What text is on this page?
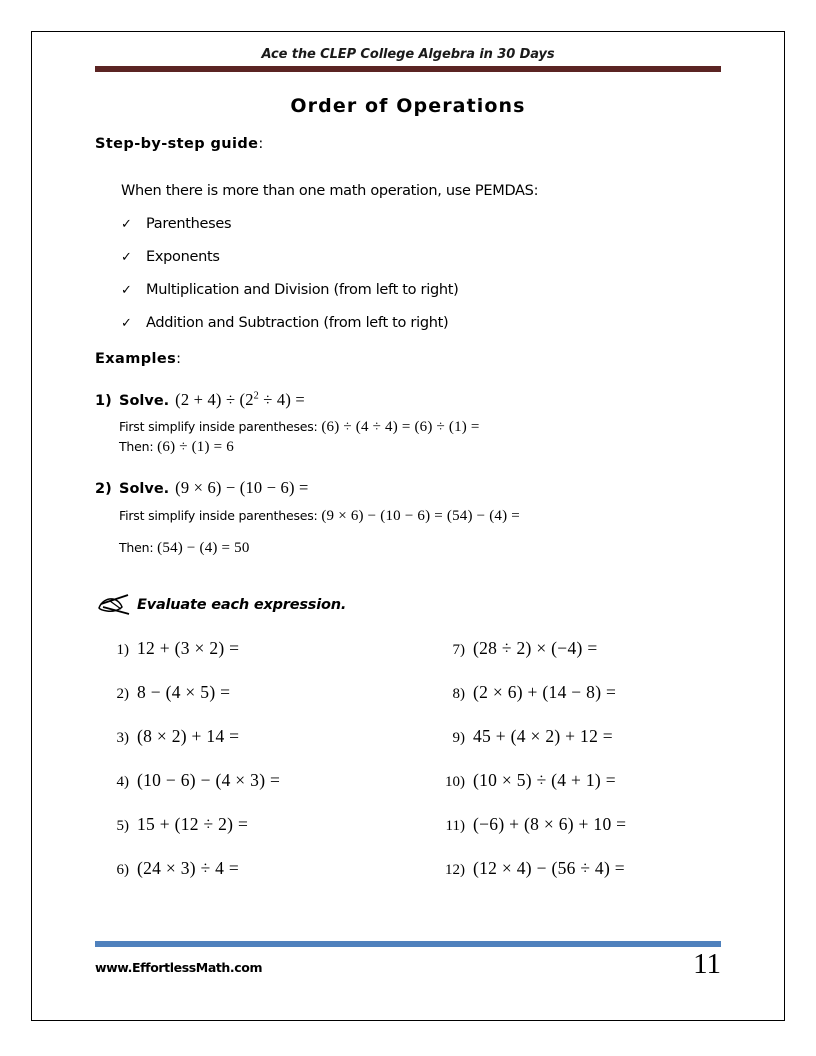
Ace the CLEP College Algebra in 30 Days
Order of Operations
Step-by-step guide:
When there is more than one math operation, use PEMDAS:
✓ Parentheses
✓ Exponents
✓ Multiplication and Division (from left to right)
✓ Addition and Subtraction (from left to right)
Examples:
1) Solve. $(2 + 4) \div (2^2 \div 4)$ =
First simplify inside parentheses: (6) ÷ (4 ÷ 4) = (6) ÷ (1) =
Then: (6) ÷ (1) = 6
2) Solve. (9 × 6) − (10 − 6) =
First simplify inside parentheses: (9 × 6) − (10 − 6) = (54) − (4) =
Then: (54) − (4) = 50
Evaluate each expression.
1) 12 + (3 × 2) =
2) 8 − (4 × 5) =
3) (8 × 2) + 14 =
4) (10 − 6) − (4 × 3) =
5) 15 + (12 ÷ 2) =
6) (24 × 3) ÷ 4 =
7) (28 ÷ 2) × (−4) =
8) (2 × 6) + (14 − 8) =
9) 45 + (4 × 2) + 12 =
10) (10 × 5) ÷ (4 + 1) =
11) (−6) + (8 × 6) + 10 =
12) (12 × 4) − (56 ÷ 4) =
www.EffortlessMath.com	11
